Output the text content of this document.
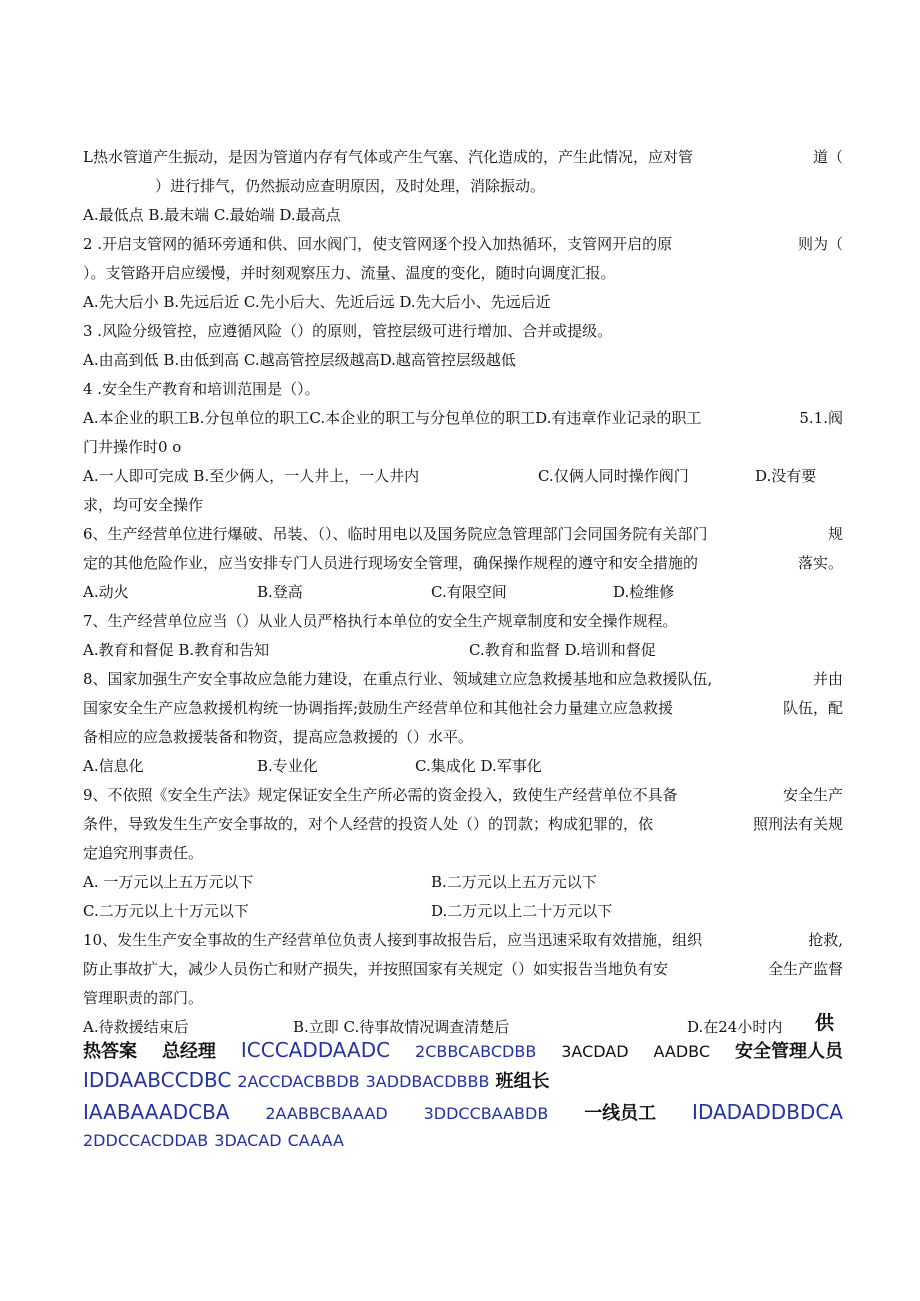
L热水管道产生振动，是因为管道内存有气体或产生气塞、汽化造成的，产生此情况，应对管	道（
）进行排气，仍然振动应查明原因，及时处理，消除振动。
A.最低点 B.最末端 C.最始端 D.最高点
2 .开启支管网的循环旁通和供、回水阀门，使支管网逐个投入加热循环，支管网开启的原	则为（
）。支管路开启应缓慢，并时刻观察压力、流量、温度的变化，随时向调度汇报。
A.先大后小 B.先远后近 C.先小后大、先近后远 D.先大后小、先远后近
3 .风险分级管控，应遵循风险（）的原则，管控层级可进行增加、合并或提级。
A.由高到低 B.由低到高 C.越高管控层级越高D.越高管控层级越低
4 .安全生产教育和培训范围是（）。
A.本企业的职工B.分包单位的职工C.本企业的职工与分包单位的职工D.有违章作业记录的职工	5.1.阀
门井操作时0 o
A.一人即可完成 B.至少俩人，一人井上，一人井内	C.仅俩人同时操作阀门	D.没有要
求，均可安全操作
6、生产经营单位进行爆破、吊装、（）、临时用电以及国务院应急管理部门会同国务院有关部门	规
定的其他危险作业，应当安排专门人员进行现场安全管理，确保操作规程的遵守和安全措施的	落实。
A.动火	B.登高	C.有限空间	D.检维修
7、生产经营单位应当（）从业人员严格执行本单位的安全生产规章制度和安全操作规程。
A.教育和督促 B.教育和告知	C.教育和监督 D.培训和督促
8、国家加强生产安全事故应急能力建设，在重点行业、领域建立应急救援基地和应急救援队伍,	并由
国家安全生产应急救援机构统一协调指挥;鼓励生产经营单位和其他社会力量建立应急救援	队伍，配
备相应的应急救援装备和物资，提高应急救援的（）水平。
A.信息化	B.专业化	C.集成化 D.军事化
9、不依照《安全生产法》规定保证安全生产所必需的资金投入，致使生产经营单位不具备	安全生产
条件，导致发生生产安全事故的，对个人经营的投资人处（）的罚款；构成犯罪的，依	照刑法有关规
定追究刑事责任。
A. 一万元以上五万元以下	B.二万元以上五万元以下
C.二万元以上十万元以下	D.二万元以上二十万元以下
10、发生生产安全事故的生产经营单位负责人接到事故报告后，应当迅速采取有效措施，组织	抢救,
防止事故扩大，减少人员伤亡和财产损失，并按照国家有关规定（）如实报告当地负有安	全生产监督
管理职责的部门。
A.待救援结束后	B.立即 C.待事故情况调查清楚后	D.在24小时内 供
热答案 总经理 ICCCADDAADC 2CBBCABCDBB 3ACDAD AADBC 安全管理人员
IDDAABCCDBC 2ACCDACBBDB 3ADDBACDBBB 班组长
IAABAAADCBA 2AABBCBAAAD 3DDCCBAABDB 一线员工 IDADADDBDCA
2DDCCACDDAB 3DACAD CAAAA
